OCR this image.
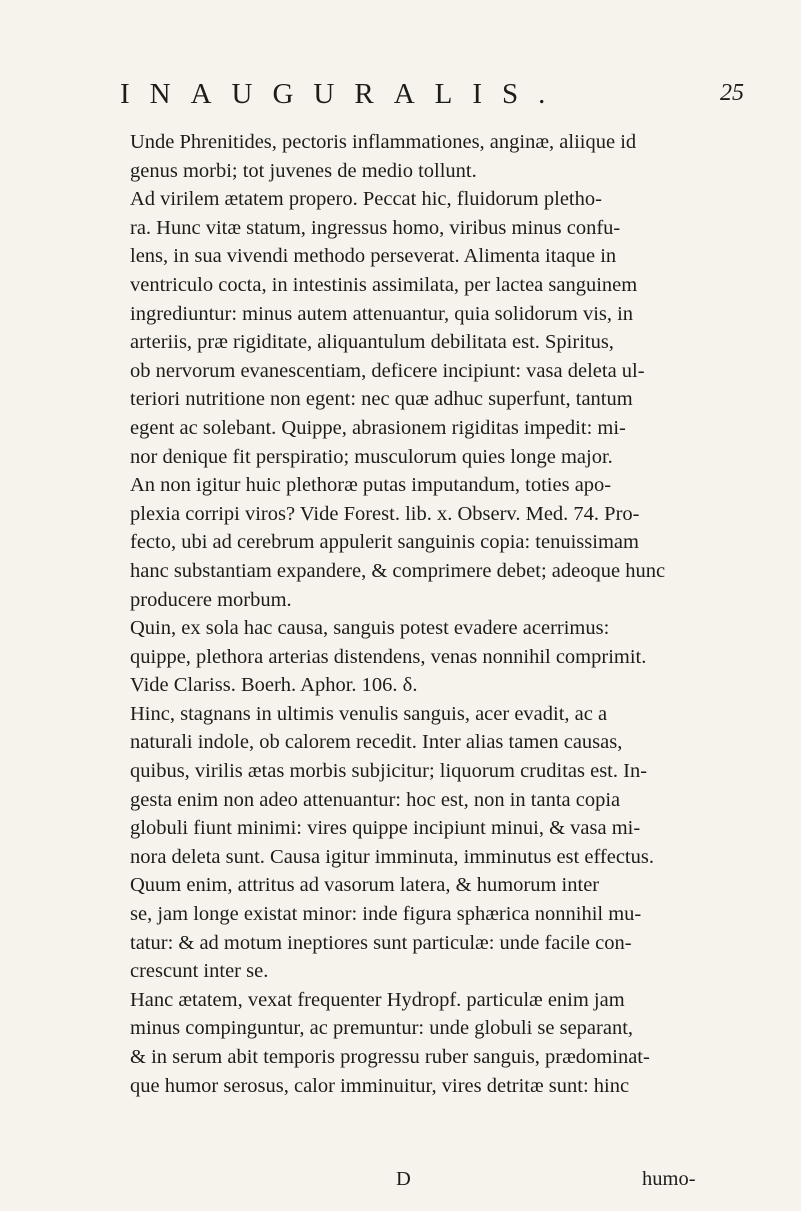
INAUGURALIS.	25

Unde Phrenitides, pectoris inflammationes, anginæ, aliique id
genus morbi; tot juvenes de medio tollunt.

Ad virilem ætatem propero. Peccat hic, fluidorum pletho-
ra. Hunc vitæ statum, ingressus homo, viribus minus confu-
lens, in sua vivendi methodo perseverat. Alimenta itaque in
ventriculo cocta, in intestinis assimilata, per lactea sanguinem
ingrediuntur: minus autem attenuantur, quia solidorum vis, in
arteriis, præ rigiditate, aliquantulum debilitata est. Spiritus,
ob nervorum evanescentiam, deficere incipiunt: vasa deleta ul-
teriori nutritione non egent: nec quæ adhuc superfunt, tantum
egent ac solebant. Quippe, abrasionem rigiditas impedit: mi-
nor denique fit perspiratio; musculorum quies longe major.

An non igitur huic plethoræ putas imputandum, toties apo-
plexia corripi viros? Vide Forest. lib. x. Observ. Med. 74. Pro-
fecto, ubi ad cerebrum appulerit sanguinis copia: tenuissimam
hanc substantiam expandere, & comprimere debet; adeoque hunc
producere morbum.

Quin, ex sola hac causa, sanguis potest evadere acerrimus:
quippe, plethora arterias distendens, venas nonnihil comprimit.
Vide Clariss. Boerh. Aphor. 106. δ.

Hinc, stagnans in ultimis venulis sanguis, acer evadit, ac a
naturali indole, ob calorem recedit. Inter alias tamen causas,
quibus, virilis ætas morbis subjicitur; liquorum cruditas est. In-
gesta enim non adeo attenuantur: hoc est, non in tanta copia
globuli fiunt minimi: vires quippe incipiunt minui, & vasa mi-
nora deleta sunt. Causa igitur imminuta, imminutus est effectus.

Quum enim, attritus ad vasorum latera, & humorum inter
se, jam longe existat minor: inde figura sphærica nonnihil mu-
tatur: & ad motum ineptiores sunt particulæ: unde facile con-
crescunt inter se.

Hanc ætatem, vexat frequenter Hydropf. particulæ enim jam
minus compinguntur, ac premuntur: unde globuli se separant,
& in serum abit temporis progressu ruber sanguis, prædominat-
que humor serosus, calor imminuitur, vires detritæ sunt: hinc

D	humo-
